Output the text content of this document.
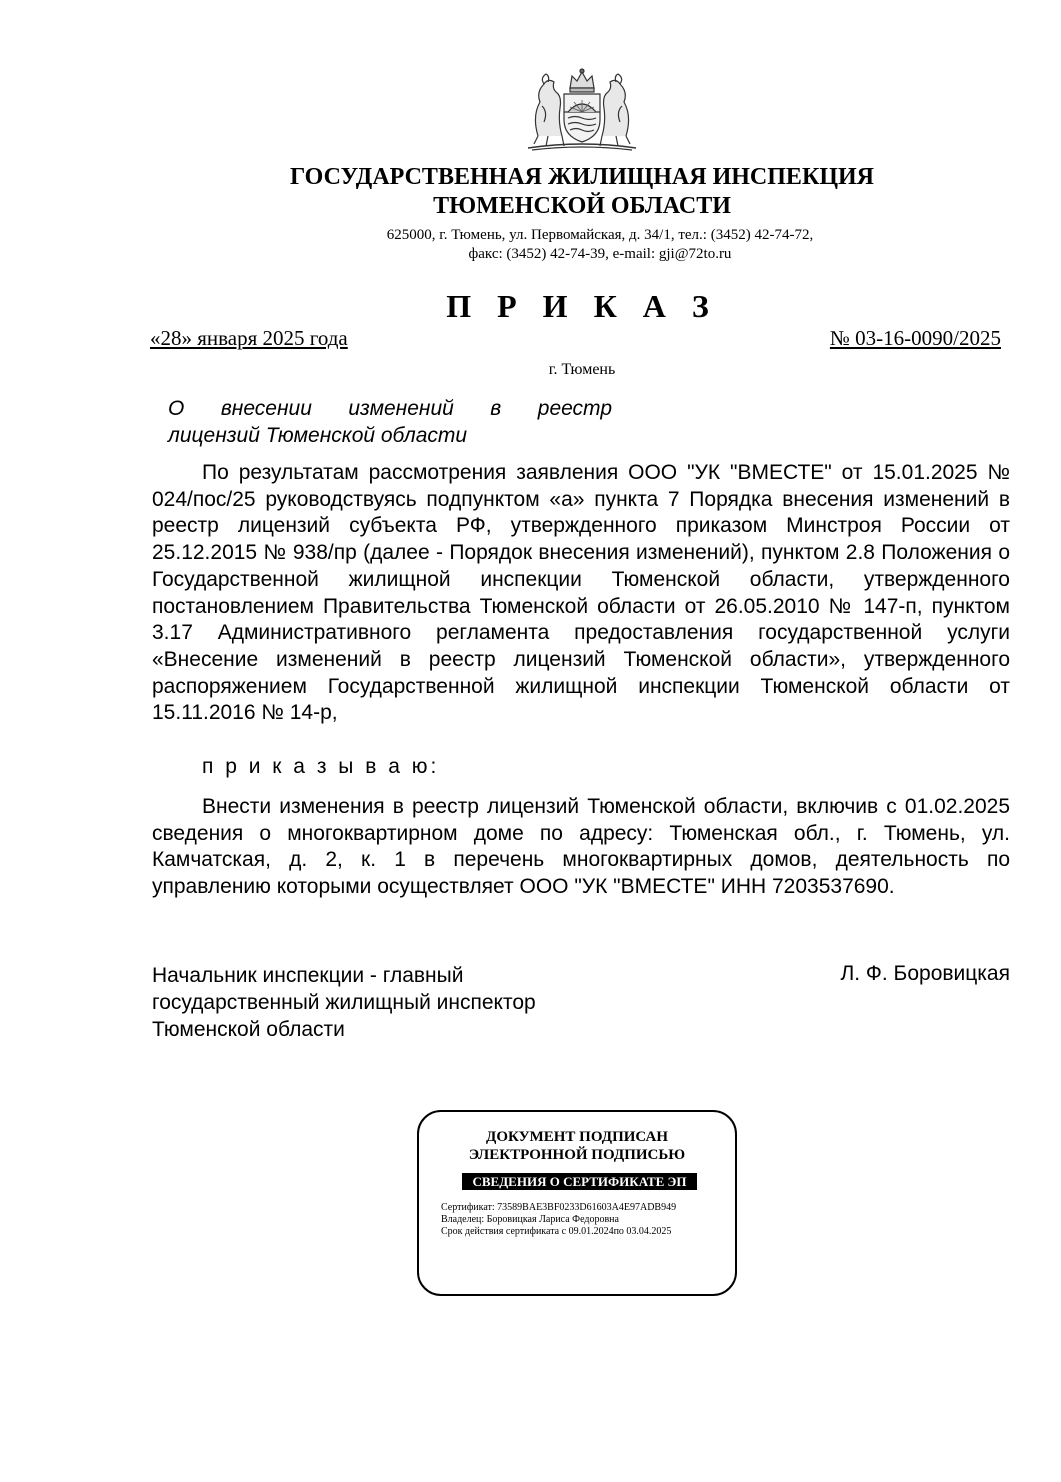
ГОСУДАРСТВЕННАЯ ЖИЛИЩНАЯ ИНСПЕКЦИЯ
ТЮМЕНСКОЙ ОБЛАСТИ
625000, г. Тюмень, ул. Первомайская, д. 34/1, тел.: (3452) 42-74-72,
факс: (3452) 42-74-39, e-mail: gji@72to.ru
П Р И К А З
«28» января 2025 года	№ 03-16-0090/2025
г. Тюмень
О внесении изменений в реестр
лицензий Тюменской области
По результатам рассмотрения заявления ООО "УК "ВМЕСТЕ" от 15.01.2025 № 024/пос/25 руководствуясь подпунктом «а» пункта 7 Порядка внесения изменений в реестр лицензий субъекта РФ, утвержденного приказом Минстроя России от 25.12.2015 № 938/пр (далее - Порядок внесения изменений), пунктом 2.8 Положения о Государственной жилищной инспекции Тюменской области, утвержденного постановлением Правительства Тюменской области от 26.05.2010 № 147-п, пунктом 3.17 Административного регламента предоставления государственной услуги «Внесение изменений в реестр лицензий Тюменской области», утвержденного распоряжением Государственной жилищной инспекции Тюменской области от 15.11.2016 № 14-р,
п р и к а з ы в а ю:
Внести изменения в реестр лицензий Тюменской области, включив с 01.02.2025 сведения о многоквартирном доме по адресу: Тюменская обл., г. Тюмень, ул. Камчатская, д. 2, к. 1 в перечень многоквартирных домов, деятельность по управлению которыми осуществляет ООО "УК "ВМЕСТЕ" ИНН 7203537690.
Начальник инспекции - главный
государственный жилищный инспектор
Тюменской области
Л. Ф. Боровицкая
ДОКУМЕНТ ПОДПИСАН
ЭЛЕКТРОННОЙ ПОДПИСЬЮ
СВЕДЕНИЯ О СЕРТИФИКАТЕ ЭП
Сертификат: 73589BAE3BF0233D61603A4E97ADB949
Владелец: Боровицкая Лариса Федоровна
Срок действия сертификата с 09.01.2024по 03.04.2025
